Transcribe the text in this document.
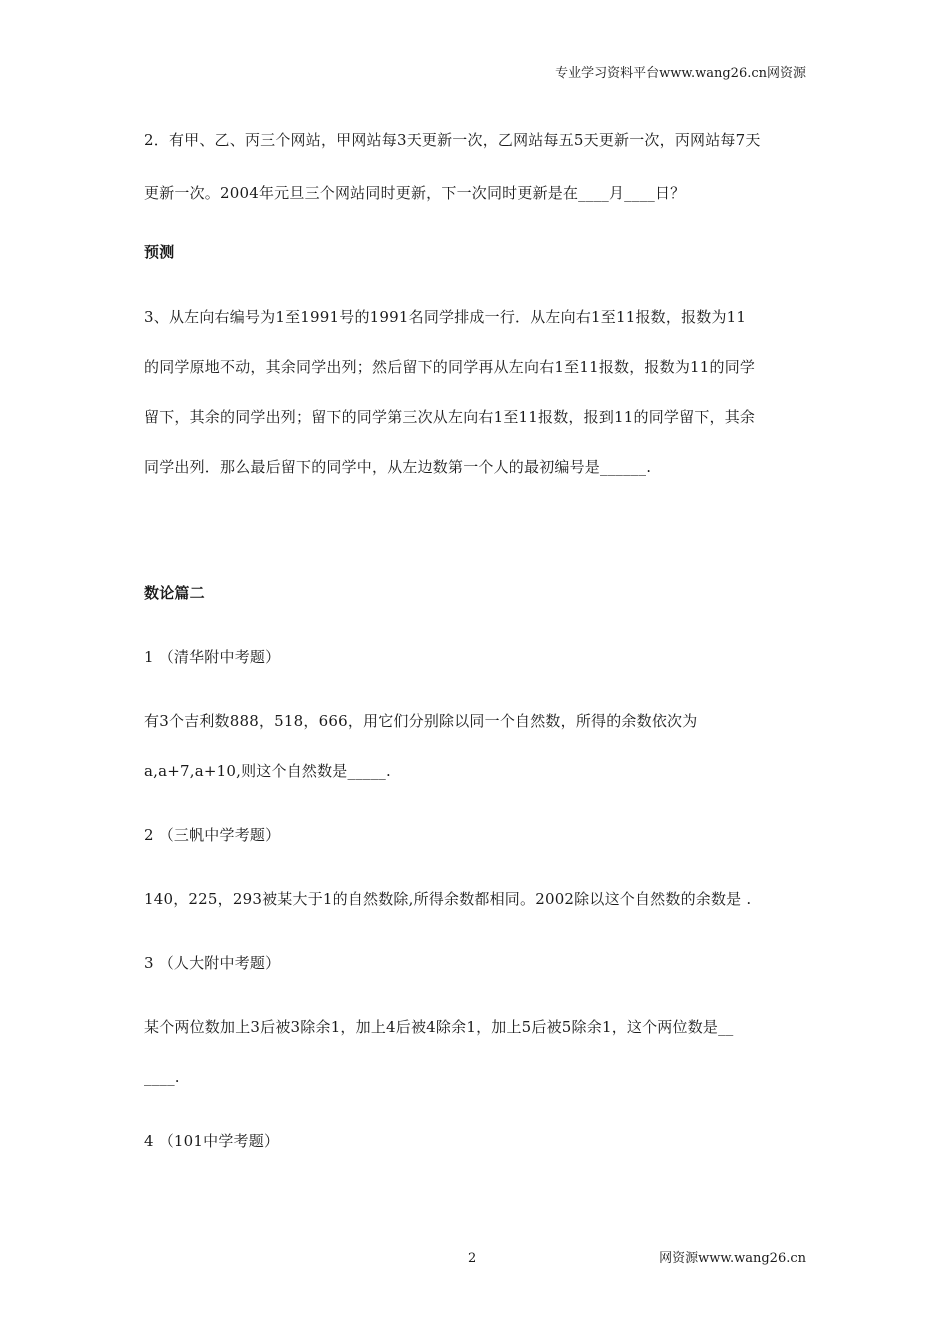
专业学习资料平台www.wang26.cn网资源
2．有甲、乙、丙三个网站，甲网站每3天更新一次，乙网站每五5天更新一次，丙网站每7天
更新一次。2004年元旦三个网站同时更新，下一次同时更新是在____月____日？
预测
3、从左向右编号为1至1991号的1991名同学排成一行．从左向右1至11报数，报数为11
的同学原地不动，其余同学出列；然后留下的同学再从左向右1至11报数，报数为11的同学
留下，其余的同学出列；留下的同学第三次从左向右1至11报数，报到11的同学留下，其余
同学出列．那么最后留下的同学中，从左边数第一个人的最初编号是______.
数论篇二
1 （清华附中考题）
有3个吉利数888，518，666，用它们分别除以同一个自然数，所得的余数依次为
a,a+7,a+10,则这个自然数是_____.
2 （三帆中学考题）
140，225，293被某大于1的自然数除,所得余数都相同。2002除以这个自然数的余数是 .
3 （人大附中考题）
某个两位数加上3后被3除余1，加上4后被4除余1，加上5后被5除余1，这个两位数是__
____.
4 （101中学考题）
2	网资源www.wang26.cn
